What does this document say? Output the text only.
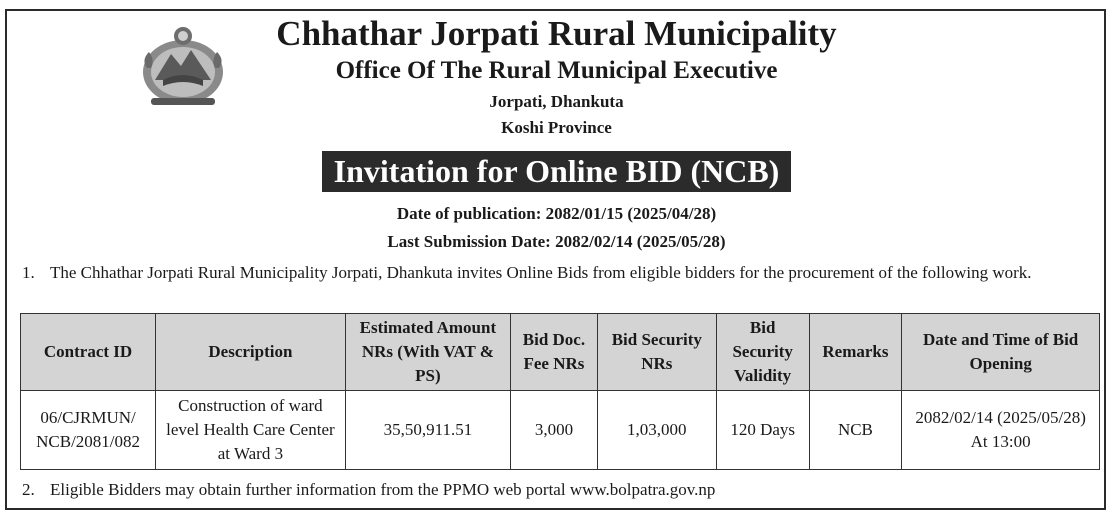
Chhathar Jorpati Rural Municipality
Office Of The Rural Municipal Executive
Jorpati, Dhankuta
Koshi Province
Invitation for Online BID (NCB)
Date of publication: 2082/01/15 (2025/04/28)
Last Submission Date: 2082/02/14 (2025/05/28)
1. The Chhathar Jorpati Rural Municipality Jorpati, Dhankuta invites Online Bids from eligible bidders for the procurement of the following work.
Contract ID	Description	Estimated Amount NRs (With VAT & PS)	Bid Doc. Fee NRs	Bid Security NRs	Bid Security Validity	Remarks	Date and Time of Bid Opening
06/CJRMUN/ NCB/2081/082	Construction of ward level Health Care Center at Ward 3	35,50,911.51	3,000	1,03,000	120 Days	NCB	2082/02/14 (2025/05/28) At 13:00
2. Eligible Bidders may obtain further information from the PPMO web portal www.bolpatra.gov.np
